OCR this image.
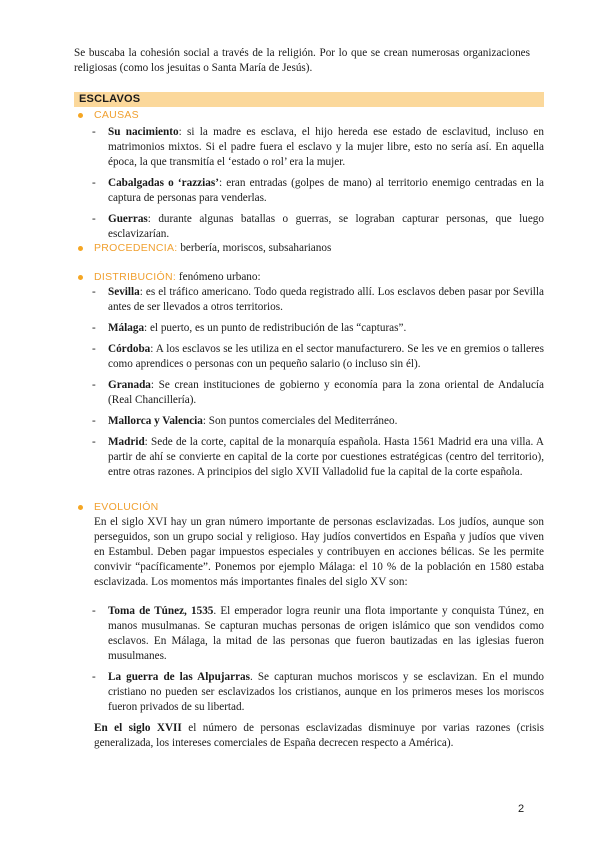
Se buscaba la cohesión social a través de la religión. Por lo que se crean numerosas organizaciones religiosas (como los jesuitas o Santa María de Jesús).
ESCLAVOS
CAUSAS
- Su nacimiento: si la madre es esclava, el hijo hereda ese estado de esclavitud, incluso en matrimonios mixtos. Si el padre fuera el esclavo y la mujer libre, esto no sería así. En aquella época, la que transmitía el ‘estado o rol’ era la mujer.
- Cabalgadas o ‘razzias’: eran entradas (golpes de mano) al territorio enemigo centradas en la captura de personas para venderlas.
- Guerras: durante algunas batallas o guerras, se lograban capturar personas, que luego esclavizarían.
PROCEDENCIA: berbería, moriscos, subsaharianos
DISTRIBUCIÓN: fenómeno urbano:
- Sevilla: es el tráfico americano. Todo queda registrado allí. Los esclavos deben pasar por Sevilla antes de ser llevados a otros territorios.
- Málaga: el puerto, es un punto de redistribución de las “capturas”.
- Córdoba: A los esclavos se les utiliza en el sector manufacturero. Se les ve en gremios o talleres como aprendices o personas con un pequeño salario (o incluso sin él).
- Granada: Se crean instituciones de gobierno y economía para la zona oriental de Andalucía (Real Chancillería).
- Mallorca y Valencia: Son puntos comerciales del Mediterráneo.
- Madrid: Sede de la corte, capital de la monarquía española. Hasta 1561 Madrid era una villa. A partir de ahí se convierte en capital de la corte por cuestiones estratégicas (centro del territorio), entre otras razones. A principios del siglo XVII Valladolid fue la capital de la corte española.
EVOLUCIÓN
En el siglo XVI hay un gran número importante de personas esclavizadas. Los judíos, aunque son perseguidos, son un grupo social y religioso. Hay judíos convertidos en España y judíos que viven en Estambul. Deben pagar impuestos especiales y contribuyen en acciones bélicas. Se les permite convivir “pacíficamente”. Ponemos por ejemplo Málaga: el 10 % de la población en 1580 estaba esclavizada. Los momentos más importantes finales del siglo XV son:
- Toma de Túnez, 1535. El emperador logra reunir una flota importante y conquista Túnez, en manos musulmanas. Se capturan muchas personas de origen islámico que son vendidos como esclavos. En Málaga, la mitad de las personas que fueron bautizadas en las iglesias fueron musulmanes.
- La guerra de las Alpujarras. Se capturan muchos moriscos y se esclavizan. En el mundo cristiano no pueden ser esclavizados los cristianos, aunque en los primeros meses los moriscos fueron privados de su libertad.
En el siglo XVII el número de personas esclavizadas disminuye por varias razones (crisis generalizada, los intereses comerciales de España decrecen respecto a América).
2
